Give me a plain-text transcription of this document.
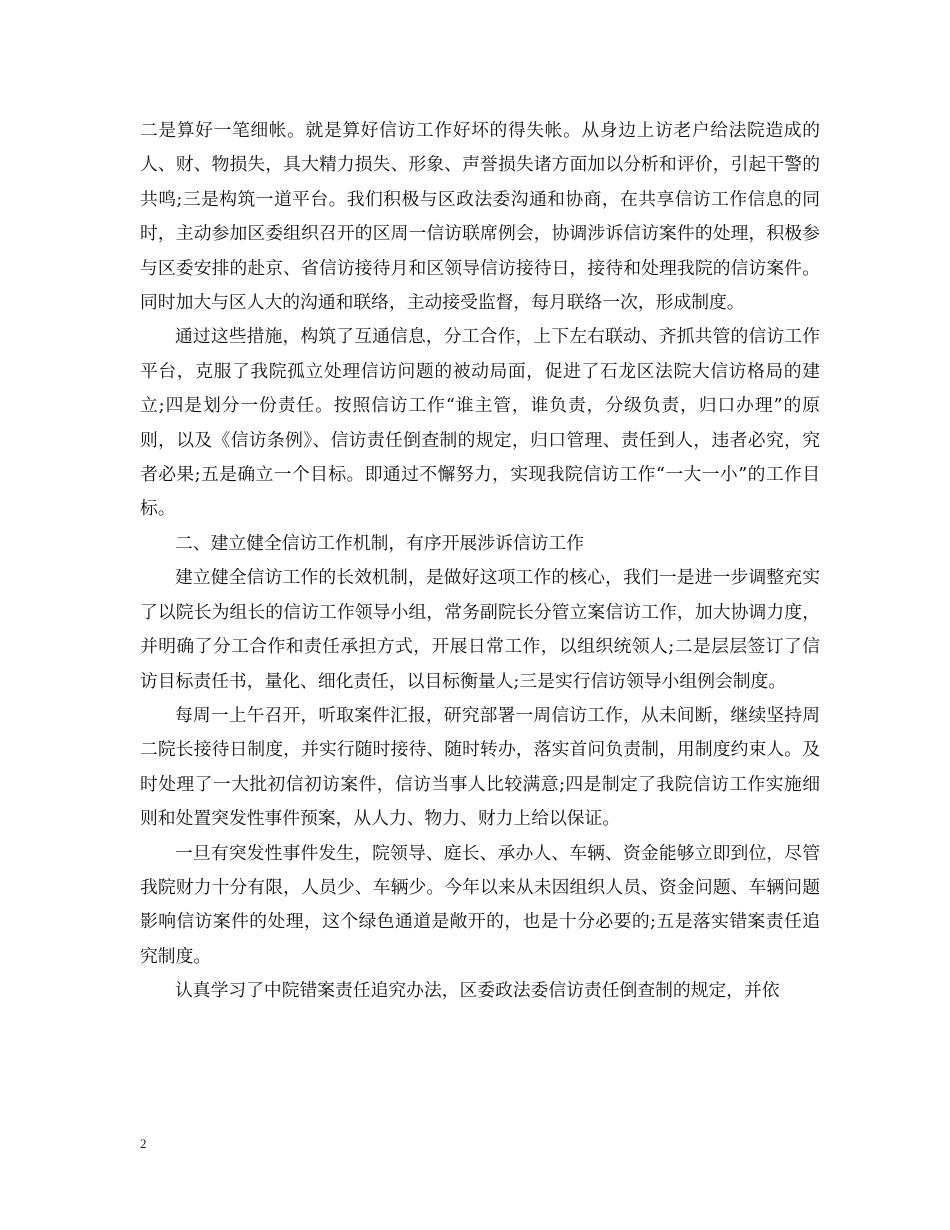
二是算好一笔细帐。就是算好信访工作好坏的得失帐。从身边上访老户给法院造成的人、财、物损失，具大精力损失、形象、声誉损失诸方面加以分析和评价，引起干警的共鸣;三是构筑一道平台。我们积极与区政法委沟通和协商，在共享信访工作信息的同时，主动参加区委组织召开的区周一信访联席例会，协调涉诉信访案件的处理，积极参与区委安排的赴京、省信访接待月和区领导信访接待日，接待和处理我院的信访案件。同时加大与区人大的沟通和联络，主动接受监督，每月联络一次，形成制度。

通过这些措施，构筑了互通信息，分工合作，上下左右联动、齐抓共管的信访工作平台，克服了我院孤立处理信访问题的被动局面，促进了石龙区法院大信访格局的建立;四是划分一份责任。按照信访工作“谁主管，谁负责，分级负责，归口办理”的原则，以及《信访条例》、信访责任倒查制的规定，归口管理、责任到人，违者必究，究者必果;五是确立一个目标。即通过不懈努力，实现我院信访工作“一大一小”的工作目标。

二、建立健全信访工作机制，有序开展涉诉信访工作

建立健全信访工作的长效机制，是做好这项工作的核心，我们一是进一步调整充实了以院长为组长的信访工作领导小组，常务副院长分管立案信访工作，加大协调力度，并明确了分工合作和责任承担方式，开展日常工作，以组织统领人;二是层层签订了信访目标责任书，量化、细化责任，以目标衡量人;三是实行信访领导小组例会制度。

每周一上午召开，听取案件汇报，研究部署一周信访工作，从未间断，继续坚持周二院长接待日制度，并实行随时接待、随时转办，落实首问负责制，用制度约束人。及时处理了一大批初信初访案件，信访当事人比较满意;四是制定了我院信访工作实施细则和处置突发性事件预案，从人力、物力、财力上给以保证。

一旦有突发性事件发生，院领导、庭长、承办人、车辆、资金能够立即到位，尽管我院财力十分有限，人员少、车辆少。今年以来从未因组织人员、资金问题、车辆问题影响信访案件的处理，这个绿色通道是敞开的，也是十分必要的;五是落实错案责任追究制度。

认真学习了中院错案责任追究办法，区委政法委信访责任倒查制的规定，并依

2
